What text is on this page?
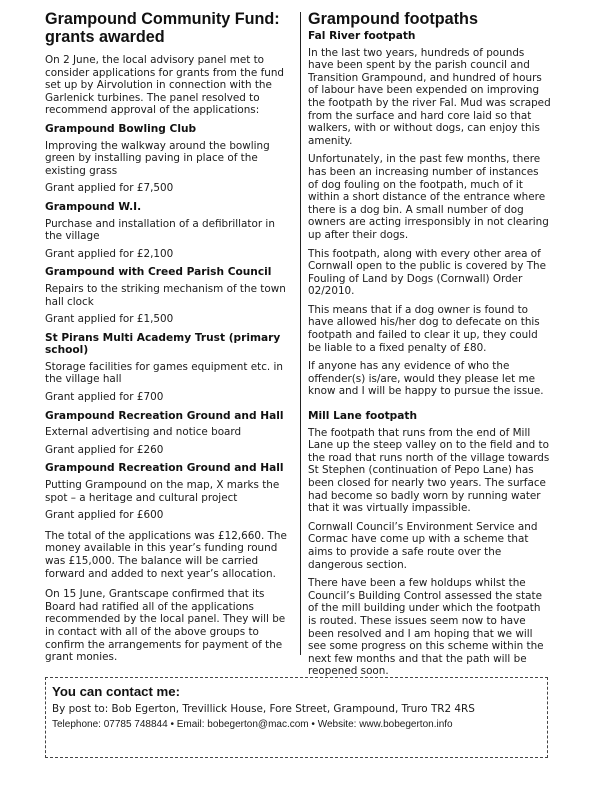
Grampound Community Fund: grants awarded

On 2 June, the local advisory panel met to consider applications for grants from the fund set up by Airvolution in connection with the Garlenick turbines. The panel resolved to recommend approval of the applications:

Grampound Bowling Club

Improving the walkway around the bowling green by installing paving in place of the existing grass

Grant applied for £7,500

Grampound W.I.

Purchase and installation of a defibrillator in the village

Grant applied for £2,100

Grampound with Creed Parish Council

Repairs to the striking mechanism of the town hall clock

Grant applied for £1,500

St Pirans Multi Academy Trust (primary school)

Storage facilities for games equipment etc. in the village hall

Grant applied for £700

Grampound Recreation Ground and Hall

External advertising and notice board

Grant applied for £260

Grampound Recreation Ground and Hall

Putting Grampound on the map, X marks the spot – a heritage and cultural project

Grant applied for £600

The total of the applications was £12,660. The money available in this year’s funding round was £15,000. The balance will be carried forward and added to next year’s allocation.

On 15 June, Grantscape confirmed that its Board had ratified all of the applications recommended by the local panel. They will be in contact with all of the above groups to confirm the arrangements for payment of the grant monies.

Grampound footpaths
Fal River footpath

In the last two years, hundreds of pounds have been spent by the parish council and Transition Grampound, and hundred of hours of labour have been expended on improving the footpath by the river Fal. Mud was scraped from the surface and hard core laid so that walkers, with or without dogs, can enjoy this amenity.

Unfortunately, in the past few months, there has been an increasing number of instances of dog fouling on the footpath, much of it within a short distance of the entrance where there is a dog bin. A small number of dog owners are acting irresponsibly in not clearing up after their dogs.

This footpath, along with every other area of Cornwall open to the public is covered by The Fouling of Land by Dogs (Cornwall) Order 02/2010.

This means that if a dog owner is found to have allowed his/her dog to defecate on this footpath and failed to clear it up, they could be liable to a fixed penalty of £80.

If anyone has any evidence of who the offender(s) is/are, would they please let me know and I will be happy to pursue the issue.

Mill Lane footpath

The footpath that runs from the end of Mill Lane up the steep valley on to the field and to the road that runs north of the village towards St Stephen (continuation of Pepo Lane) has been closed for nearly two years. The surface had become so badly worn by running water that it was virtually impassible.

Cornwall Council’s Environment Service and Cormac have come up with a scheme that aims to provide a safe route over the dangerous section.

There have been a few holdups whilst the Council’s Building Control assessed the state of the mill building under which the footpath is routed. These issues seem now to have been resolved and I am hoping that we will see some progress on this scheme within the next few months and that the path will be reopened soon.

You can contact me:
By post to: Bob Egerton, Trevillick House, Fore Street, Grampound, Truro TR2 4RS
Telephone: 07785 748844 • Email: bobegerton@mac.com • Website: www.bobegerton.info
